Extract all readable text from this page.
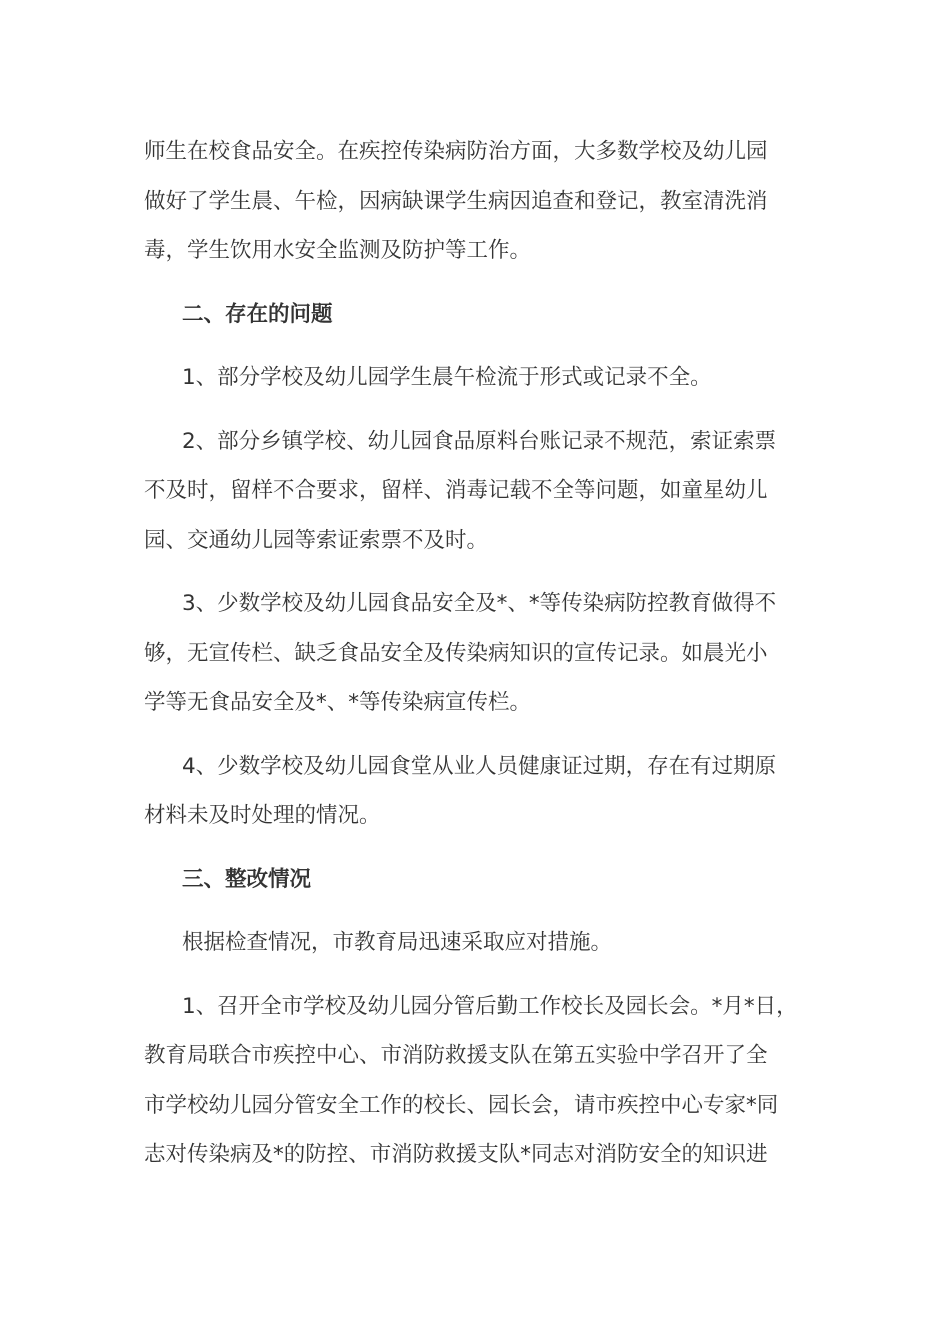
师生在校食品安全。在疾控传染病防治方面，大多数学校及幼儿园
做好了学生晨、午检，因病缺课学生病因追查和登记，教室清洗消
毒，学生饮用水安全监测及防护等工作。

二、存在的问题

1、部分学校及幼儿园学生晨午检流于形式或记录不全。

2、部分乡镇学校、幼儿园食品原料台账记录不规范，索证索票
不及时，留样不合要求，留样、消毒记载不全等问题，如童星幼儿
园、交通幼儿园等索证索票不及时。

3、少数学校及幼儿园食品安全及*、*等传染病防控教育做得不
够，无宣传栏、缺乏食品安全及传染病知识的宣传记录。如晨光小
学等无食品安全及*、*等传染病宣传栏。

4、少数学校及幼儿园食堂从业人员健康证过期，存在有过期原
材料未及时处理的情况。

三、整改情况

根据检查情况，市教育局迅速采取应对措施。

1、召开全市学校及幼儿园分管后勤工作校长及园长会。*月*日，
教育局联合市疾控中心、市消防救援支队在第五实验中学召开了全
市学校幼儿园分管安全工作的校长、园长会，请市疾控中心专家*同
志对传染病及*的防控、市消防救援支队*同志对消防安全的知识进
